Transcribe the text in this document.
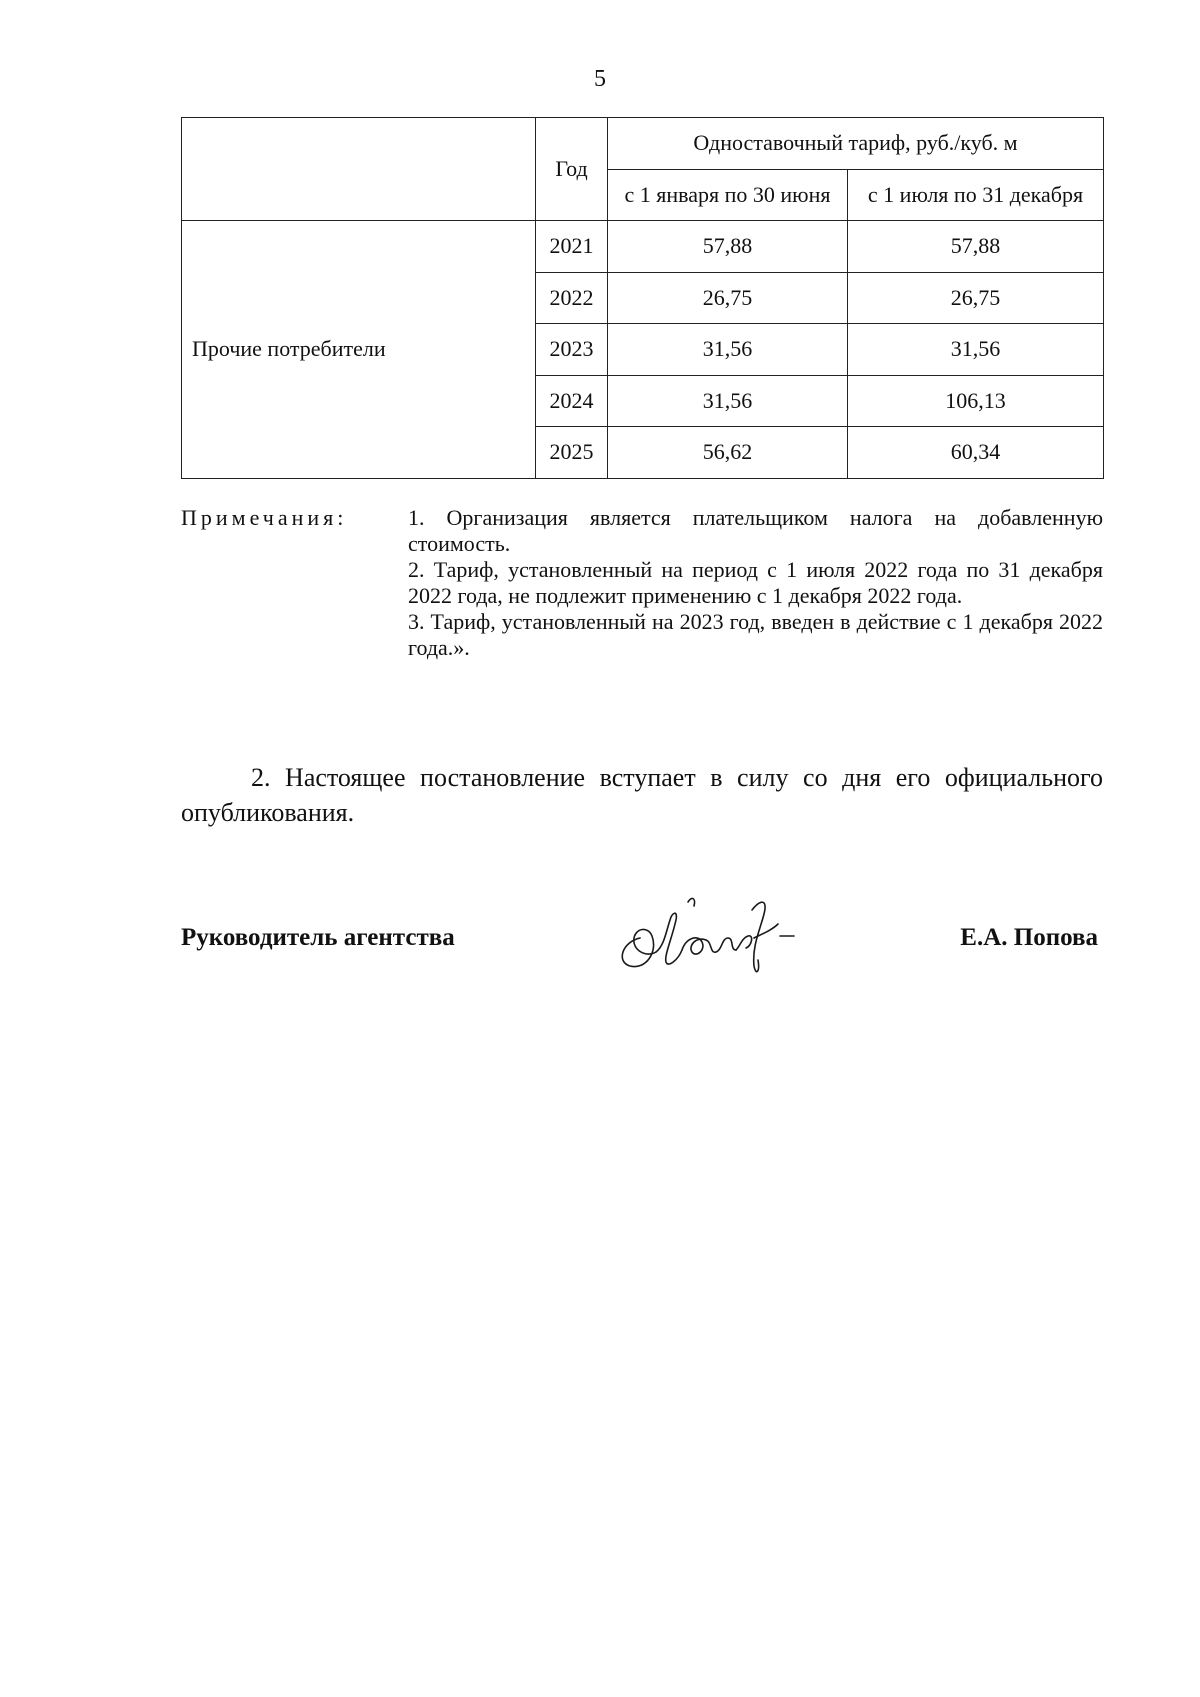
5
	Год	Одноставочный тариф, руб./куб. м	
		с 1 января по 30 июня	с 1 июля по 31 декабря
Прочие потребители	2021	57,88	57,88
	2022	26,75	26,75
	2023	31,56	31,56
	2024	31,56	106,13
	2025	56,62	60,34
Примечания:	1. Организация является плательщиком налога на добавленную стоимость.

2. Тариф, установленный на период с 1 июля 2022 года по 31 декабря 2022 года, не подлежит применению с 1 декабря 2022 года.

3. Тариф, установленный на 2023 год, введен в действие с 1 декабря 2022 года.».

2. Настоящее постановление вступает в силу со дня его официального опубликования.

Руководитель агентства	Е.А. Попова
